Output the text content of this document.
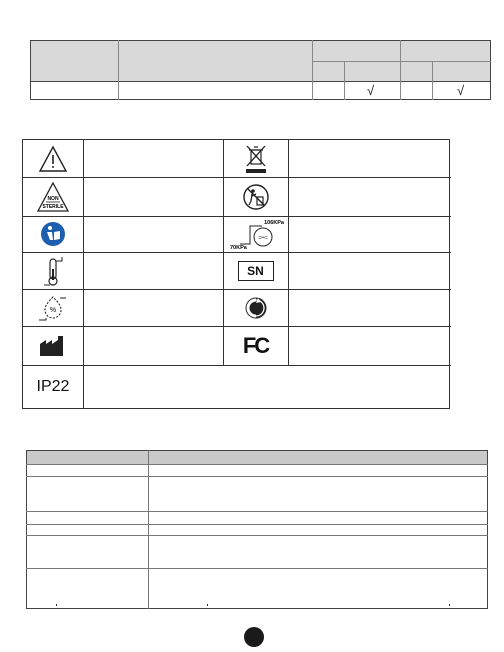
√	√
NON
STERILE
⊃•⊂
106KPa
70KPa
SN
%
FC
IP22
